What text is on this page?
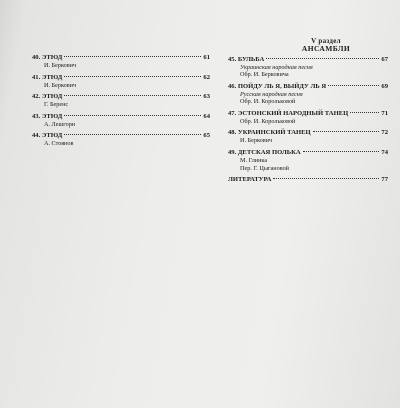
40. ЭТЮД	61
И. Беркович
41. ЭТЮД	62
И. Беркович
42. ЭТЮД	63
Г. Беренс
43. ЭТЮД	64
А. Лешгорн
44. ЭТЮД	65
А. Стоянов
V раздел
АНСАМБЛИ
45. БУЛЬБА	67
Украинская народная песня
Обр. И. Берковича
46. ПОЙДУ ЛЬ Я, ВЫЙДУ ЛЬ Я	69
Русская народная песня
Обр. И. Корольковой
47. ЭСТОНСКИЙ НАРОДНЫЙ ТАНЕЦ	71
Обр. И. Корольковой
48. УКРАИНСКИЙ ТАНЕЦ	72
И. Беркович
49. ДЕТСКАЯ ПОЛЬКА	74
М. Глинка
Пер. Г. Цыгановой
ЛИТЕРАТУРА	77
